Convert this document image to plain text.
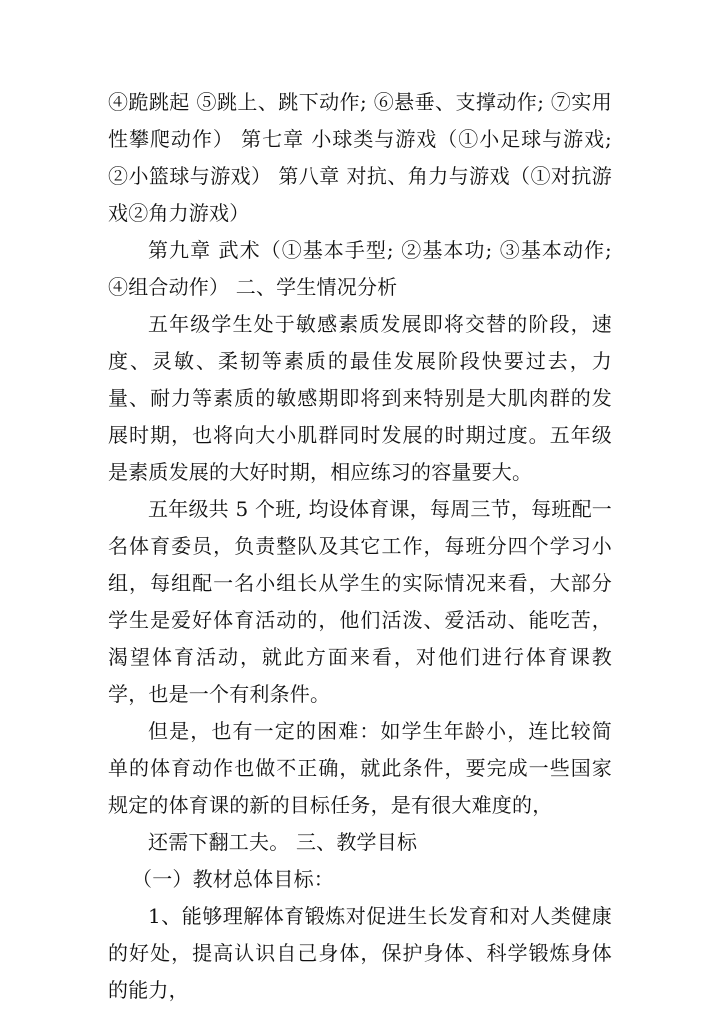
④跪跳起 ⑤跳上、跳下动作; ⑥悬垂、支撑动作; ⑦实用性攀爬动作） 第七章 小球类与游戏（①小足球与游戏; ②小篮球与游戏） 第八章 对抗、角力与游戏（①对抗游戏②角力游戏）

第九章 武术（①基本手型; ②基本功; ③基本动作; ④组合动作） 二、学生情况分析

五年级学生处于敏感素质发展即将交替的阶段，速度、灵敏、柔韧等素质的最佳发展阶段快要过去，力量、耐力等素质的敏感期即将到来特别是大肌肉群的发展时期，也将向大小肌群同时发展的时期过度。五年级是素质发展的大好时期，相应练习的容量要大。

五年级共 5 个班, 均设体育课，每周三节，每班配一名体育委员，负责整队及其它工作，每班分四个学习小组，每组配一名小组长从学生的实际情况来看，大部分学生是爱好体育活动的，他们活泼、爱活动、能吃苦，渴望体育活动，就此方面来看，对他们进行体育课教学，也是一个有利条件。

但是，也有一定的困难：如学生年龄小，连比较简单的体育动作也做不正确，就此条件，要完成一些国家规定的体育课的新的目标任务，是有很大难度的，

还需下翻工夫。 三、教学目标

（一）教材总体目标：

1、能够理解体育锻炼对促进生长发育和对人类健康的好处，提高认识自己身体，保护身体、科学锻炼身体的能力，
